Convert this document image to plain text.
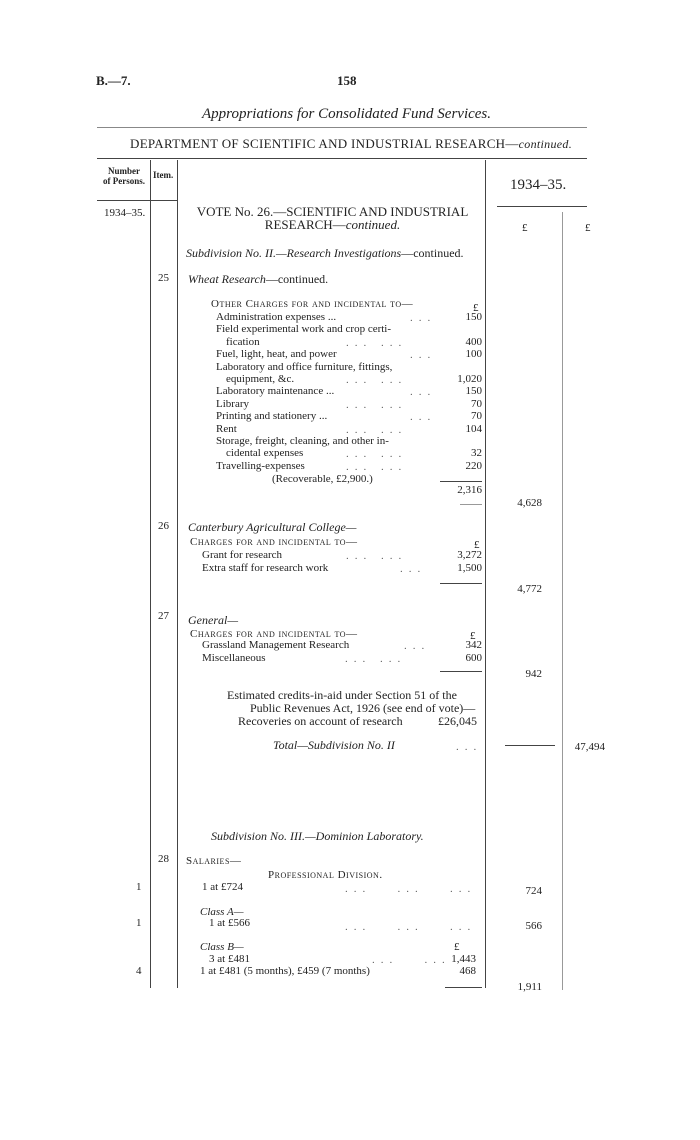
B.—7.	158
Appropriations for Consolidated Fund Services.
DEPARTMENT OF SCIENTIFIC AND INDUSTRIAL RESEARCH—continued.
Number
of Persons.
Item.
1934–35.
1934–35.
£	£
VOTE No. 26.—SCIENTIFIC AND INDUSTRIAL
RESEARCH—continued.
Subdivision No. II.—Research Investigations—continued.
25 Wheat Research—continued.
Other Charges for and incidental to—	£
Administration expenses ...	...	150
Field experimental work and crop certi-
fication	... ...	400
Fuel, light, heat, and power	...	100
Laboratory and office furniture, fittings,
equipment, &c.	... ...	1,020
Laboratory maintenance ...	...	150
Library	... ...	70
Printing and stationery ...	...	70
Rent	... ...	104
Storage, freight, cleaning, and other in-
cidental expenses	... ...	32
Travelling-expenses	... ...	220
(Recoverable, £2,900.)
2,316
4,628
26 Canterbury Agricultural College—
Charges for and incidental to—	£
Grant for research	... ...	3,272
Extra staff for research work	...	1,500
4,772
27 General—
Charges for and incidental to—	£
Grassland Management Research	...	342
Miscellaneous	... ...	600
942
Estimated credits-in-aid under Section 51 of the
Public Revenues Act, 1926 (see end of vote)—
Recoveries on account of research	£26,045
Total—Subdivision No. II	...	47,494
Subdivision No. III.—Dominion Laboratory.
28 Salaries—
Professional Division.
1	1 at £724	...   ...   ...	724
Class A—
1	1 at £566	...   ...   ...	566
Class B—	£
3 at £481	...   ... 1,443
4	1 at £481 (5 months), £459 (7 months)	468
1,911
